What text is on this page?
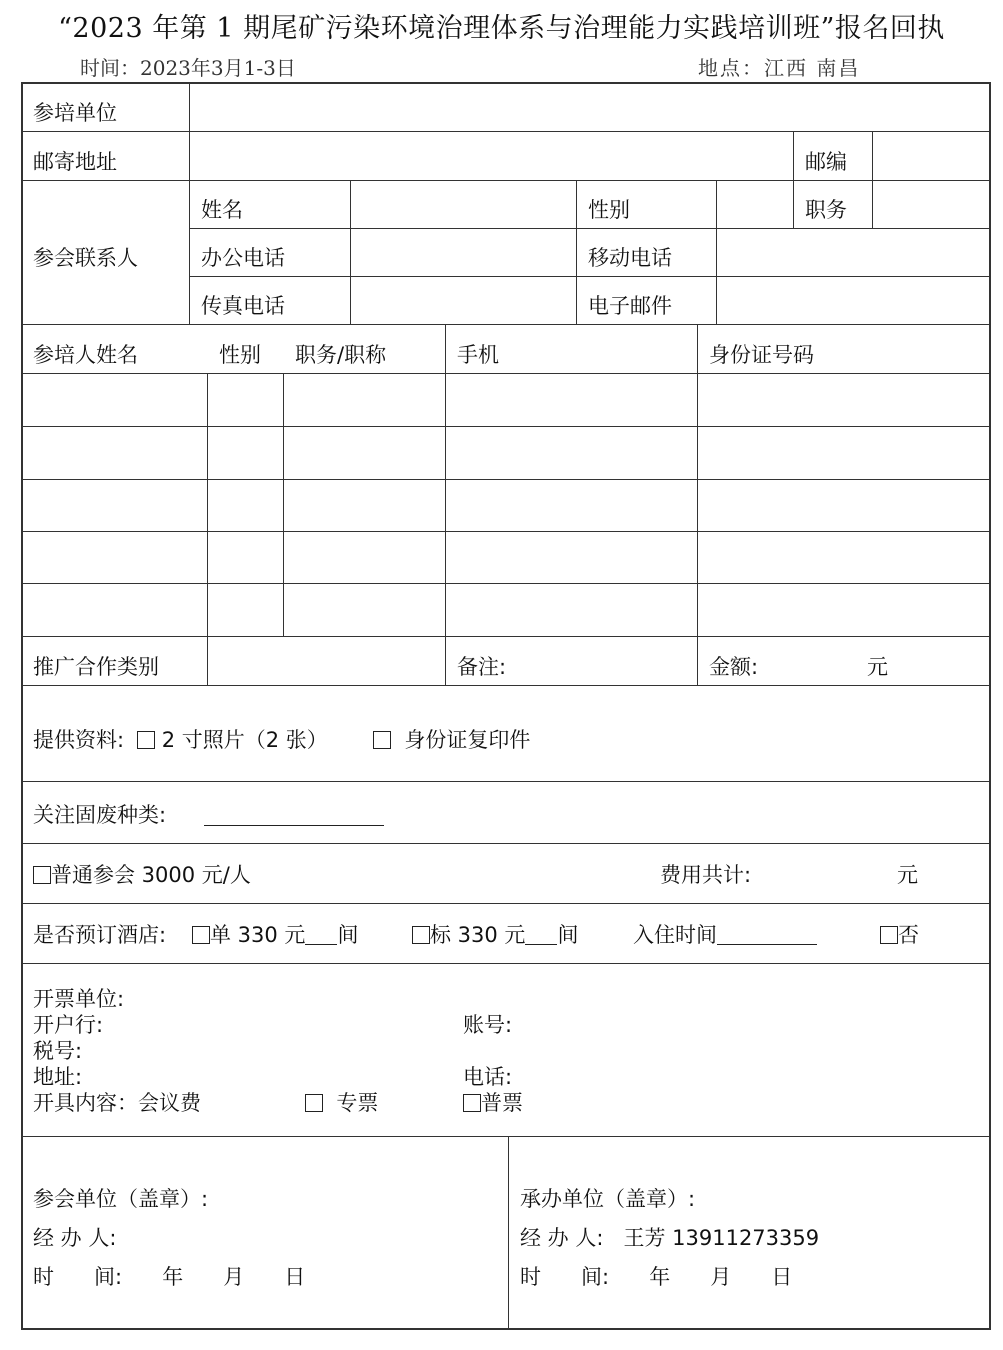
“2023 年第 1 期尾矿污染环境治理体系与治理能力实践培训班”报名回执
时间：2023年3月1-3日	地点：江西 南昌
参培单位
邮寄地址	邮编
参会联系人
姓名	性别	职务
办公电话	移动电话
传真电话	电子邮件
参培人姓名	性别 职务/职称	手机	身份证号码
推广合作类别	备注:	金额:	元
提供资料:	2 寸照片（2 张）	身份证复印件
关注固废种类:
普通参会 3000 元/人	费用共计:	元
是否预订酒店:	单 330 元 间	标 330 元 间	入住时间	否
开票单位:
开户行:	账号:
税号:
地址:	电话:
开具内容：会议费	专票	普票
参会单位（盖章）:
经 办 人:
时      间: 年      月      日
承办单位（盖章）:
经 办 人: 王芳 13911273359
时      间: 年      月      日
